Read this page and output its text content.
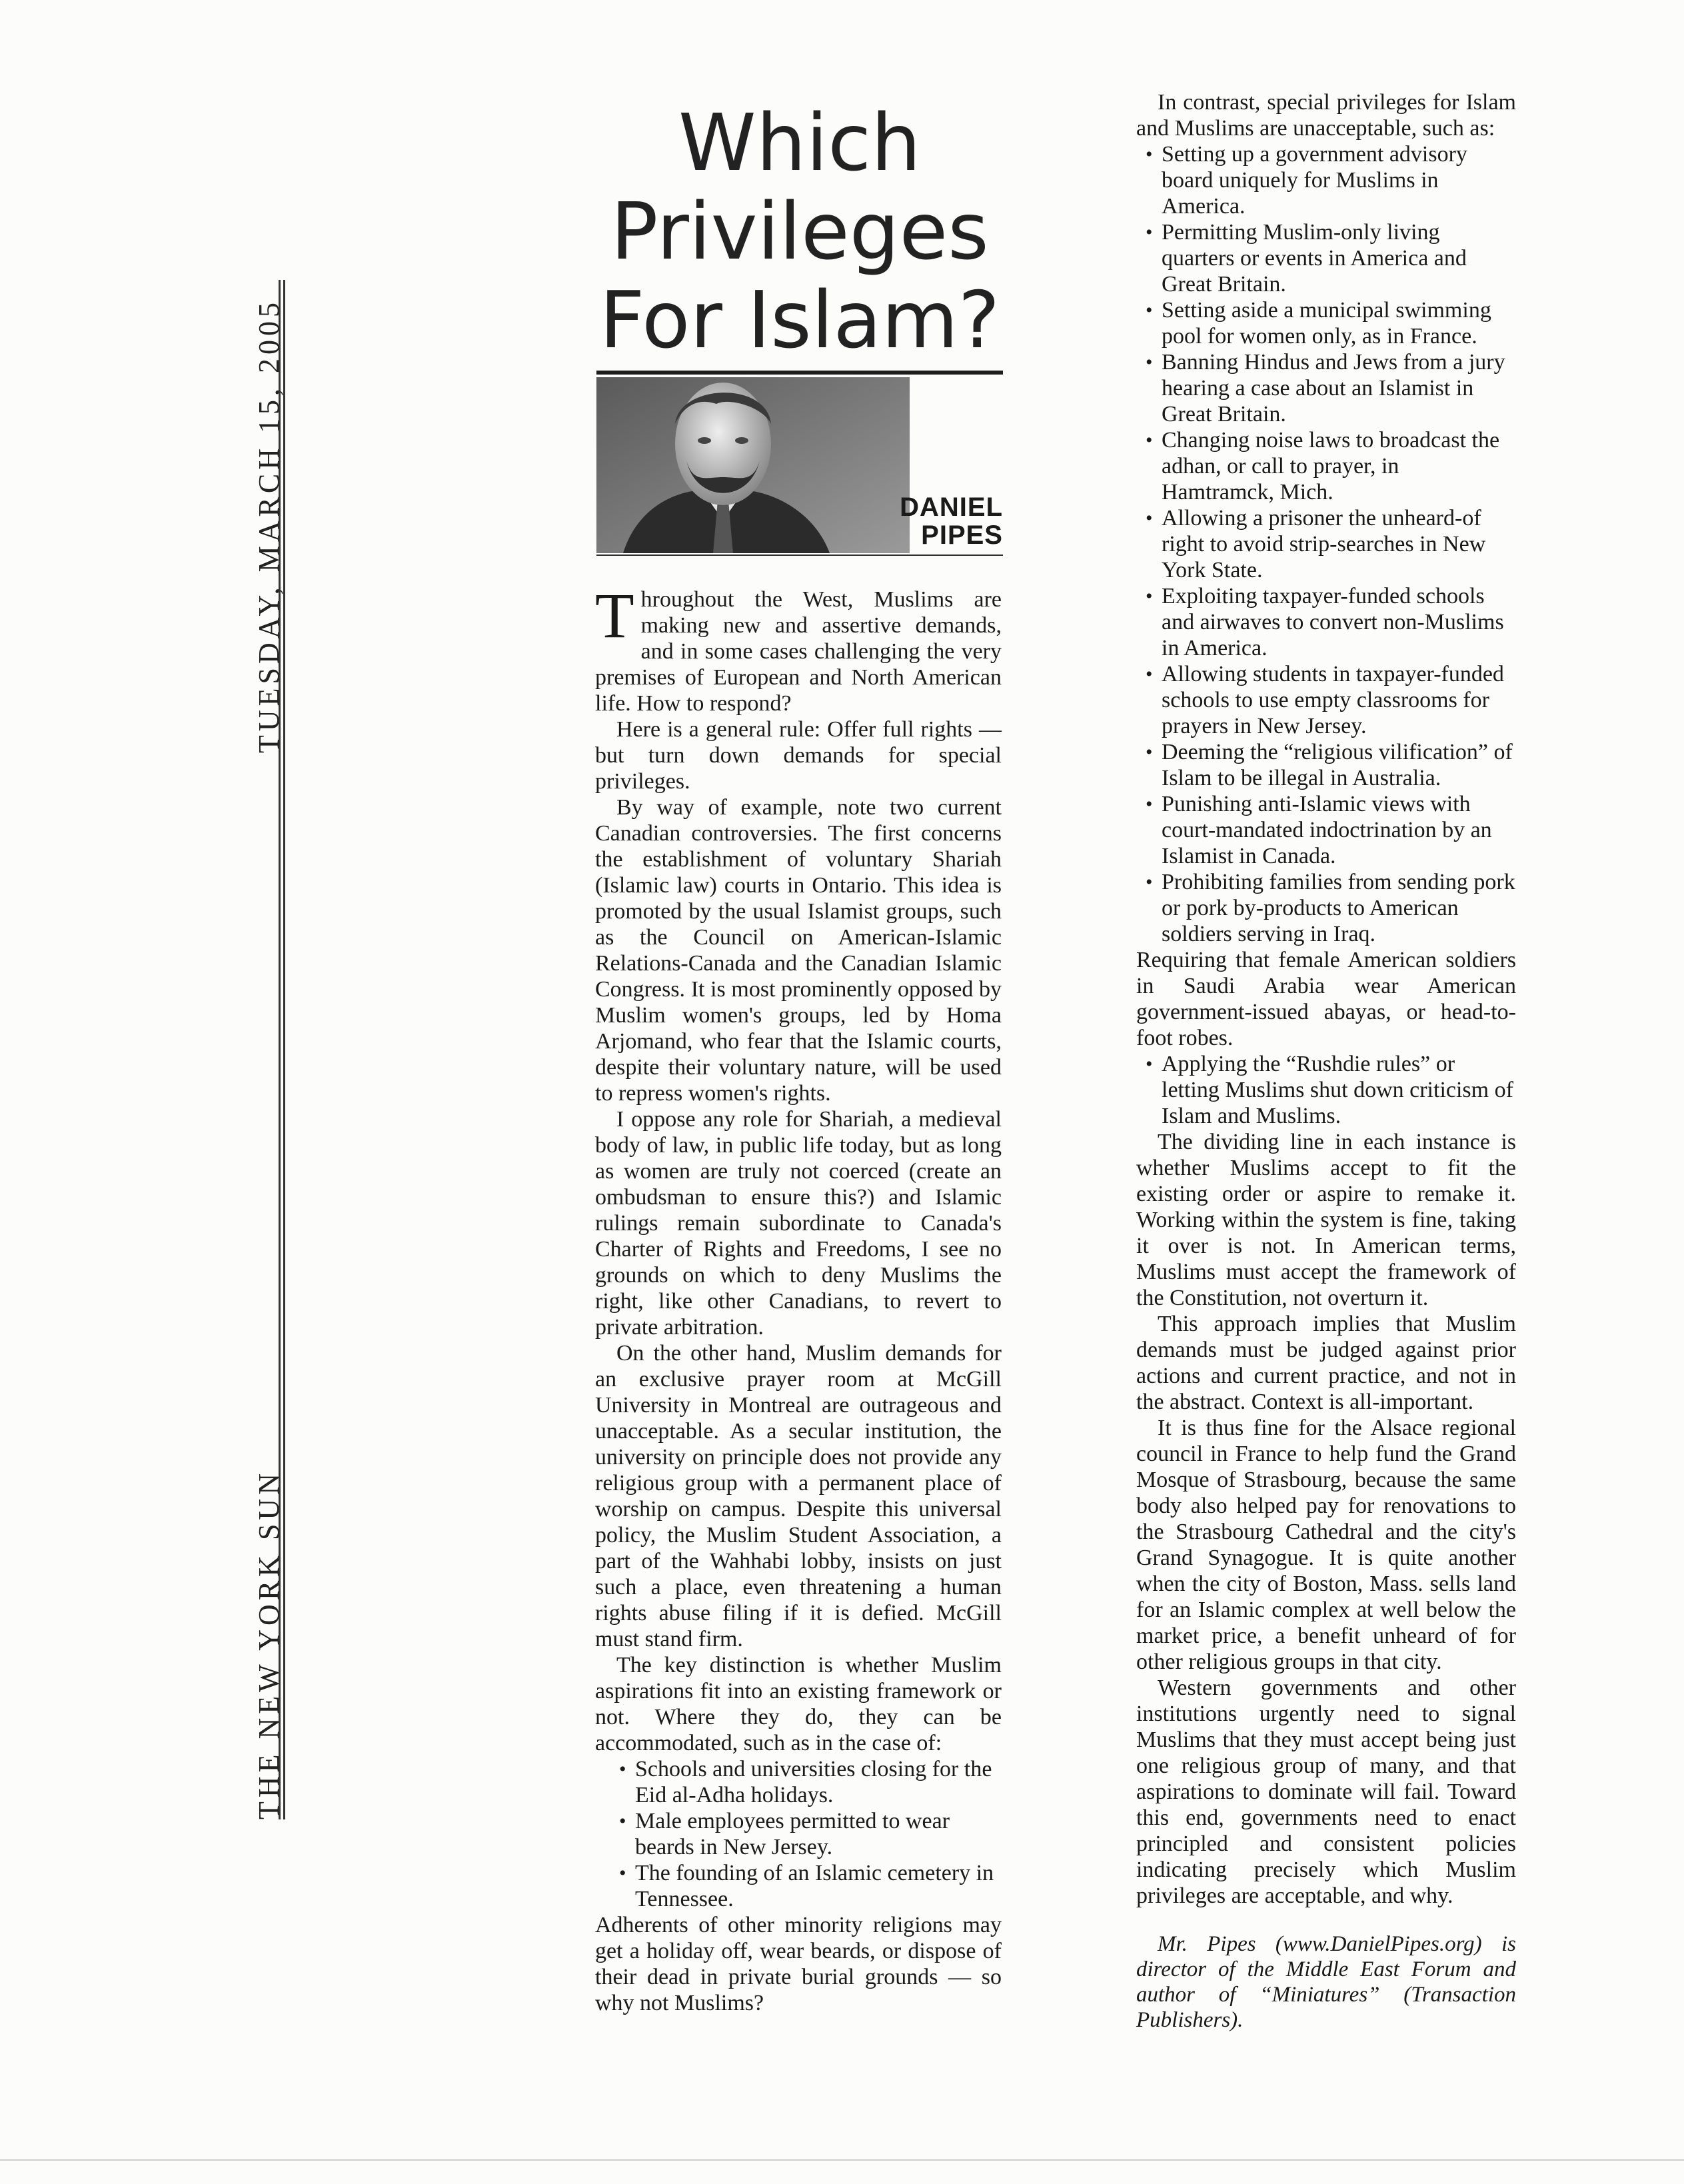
TUESDAY, MARCH 15, 2005
THE NEW YORK SUN
Which
Privileges
For Islam?
DANIEL
PIPES

Throughout the West, Muslims are making new and assertive demands, and in some cases challenging the very premises of European and North American life. How to respond?

Here is a general rule: Offer full rights — but turn down demands for special privileges.

By way of example, note two current Canadian controversies. The first concerns the establishment of voluntary Shariah (Islamic law) courts in Ontario. This idea is promoted by the usual Islamist groups, such as the Council on American-Islamic Relations-Canada and the Canadian Islamic Congress. It is most prominently opposed by Muslim women's groups, led by Homa Arjomand, who fear that the Islamic courts, despite their voluntary nature, will be used to repress women's rights.

I oppose any role for Shariah, a medieval body of law, in public life today, but as long as women are truly not coerced (create an ombudsman to ensure this?) and Islamic rulings remain subordinate to Canada's Charter of Rights and Freedoms, I see no grounds on which to deny Muslims the right, like other Canadians, to revert to private arbitration.

On the other hand, Muslim demands for an exclusive prayer room at McGill University in Montreal are outrageous and unacceptable. As a secular institution, the university on principle does not provide any religious group with a permanent place of worship on campus. Despite this universal policy, the Muslim Student Association, a part of the Wahhabi lobby, insists on just such a place, even threatening a human rights abuse filing if it is defied. McGill must stand firm.

The key distinction is whether Muslim aspirations fit into an existing framework or not. Where they do, they can be accommodated, such as in the case of:

• Schools and universities closing for the Eid al-Adha holidays.
• Male employees permitted to wear beards in New Jersey.
• The founding of an Islamic cemetery in Tennessee.

Adherents of other minority religions may get a holiday off, wear beards, or dispose of their dead in private burial grounds — so why not Muslims?

In contrast, special privileges for Islam and Muslims are unacceptable, such as:

• Setting up a government advisory board uniquely for Muslims in America.
• Permitting Muslim-only living quarters or events in America and Great Britain.
• Setting aside a municipal swimming pool for women only, as in France.
• Banning Hindus and Jews from a jury hearing a case about an Islamist in Great Britain.
• Changing noise laws to broadcast the adhan, or call to prayer, in Hamtramck, Mich.
• Allowing a prisoner the unheard-of right to avoid strip-searches in New York State.
• Exploiting taxpayer-funded schools and airwaves to convert non-Muslims in America.
• Allowing students in taxpayer-funded schools to use empty classrooms for prayers in New Jersey.
• Deeming the “religious vilification” of Islam to be illegal in Australia.
• Punishing anti-Islamic views with court-mandated indoctrination by an Islamist in Canada.
• Prohibiting families from sending pork or pork by-products to American soldiers serving in Iraq.

Requiring that female American soldiers in Saudi Arabia wear American government-issued abayas, or head-to-foot robes.

• Applying the “Rushdie rules” or letting Muslims shut down criticism of Islam and Muslims.

The dividing line in each instance is whether Muslims accept to fit the existing order or aspire to remake it. Working within the system is fine, taking it over is not. In American terms, Muslims must accept the framework of the Constitution, not overturn it.

This approach implies that Muslim demands must be judged against prior actions and current practice, and not in the abstract. Context is all-important.

It is thus fine for the Alsace regional council in France to help fund the Grand Mosque of Strasbourg, because the same body also helped pay for renovations to the Strasbourg Cathedral and the city's Grand Synagogue. It is quite another when the city of Boston, Mass. sells land for an Islamic complex at well below the market price, a benefit unheard of for other religious groups in that city.

Western governments and other institutions urgently need to signal Muslims that they must accept being just one religious group of many, and that aspirations to dominate will fail. Toward this end, governments need to enact principled and consistent policies indicating precisely which Muslim privileges are acceptable, and why.

Mr. Pipes (www.DanielPipes.org) is director of the Middle East Forum and author of “Miniatures” (Transaction Publishers).
